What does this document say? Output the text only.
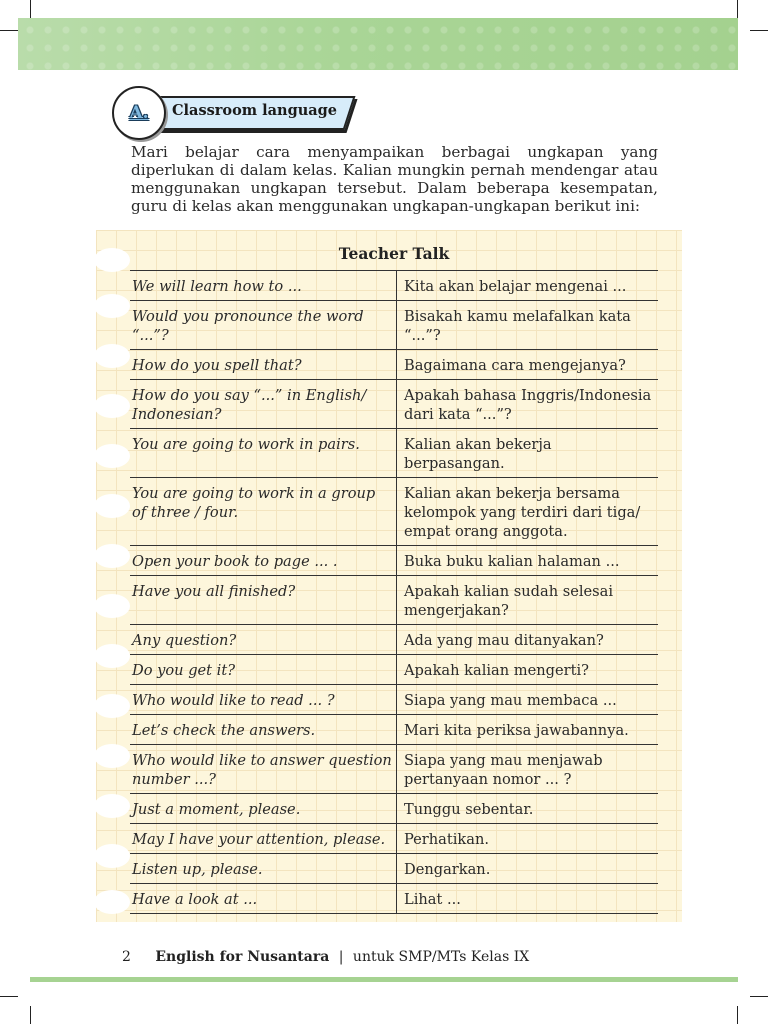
A. Classroom language

Mari belajar cara menyampaikan berbagai ungkapan yang diperlukan di dalam kelas. Kalian mungkin pernah mendengar atau menggunakan ungkapan tersebut. Dalam beberapa kesempatan, guru di kelas akan menggunakan ungkapan-ungkapan berikut ini:

Teacher Talk
We will learn how to ...	Kita akan belajar mengenai ...
Would you pronounce the word “...”?	Bisakah kamu melafalkan kata “...”?
How do you spell that?	Bagaimana cara mengejanya?
How do you say “...” in English/ Indonesian?	Apakah bahasa Inggris/Indonesia dari kata “...”?
You are going to work in pairs.	Kalian akan bekerja berpasangan.
You are going to work in a group of three / four.	Kalian akan bekerja bersama kelompok yang terdiri dari tiga/ empat orang anggota.
Open your book to page ... .	Buka buku kalian halaman ...
Have you all finished?	Apakah kalian sudah selesai mengerjakan?
Any question?	Ada yang mau ditanyakan?
Do you get it?	Apakah kalian mengerti?
Who would like to read ... ?	Siapa yang mau membaca ...
Let’s check the answers.	Mari kita periksa jawabannya.
Who would like to answer question number ...?	Siapa yang mau menjawab pertanyaan nomor ... ?
Just a moment, please.	Tunggu sebentar.
May I have your attention, please.	Perhatikan.
Listen up, please.	Dengarkan.
Have a look at ...	Lihat ...
2 English for Nusantara | untuk SMP/MTs Kelas IX
